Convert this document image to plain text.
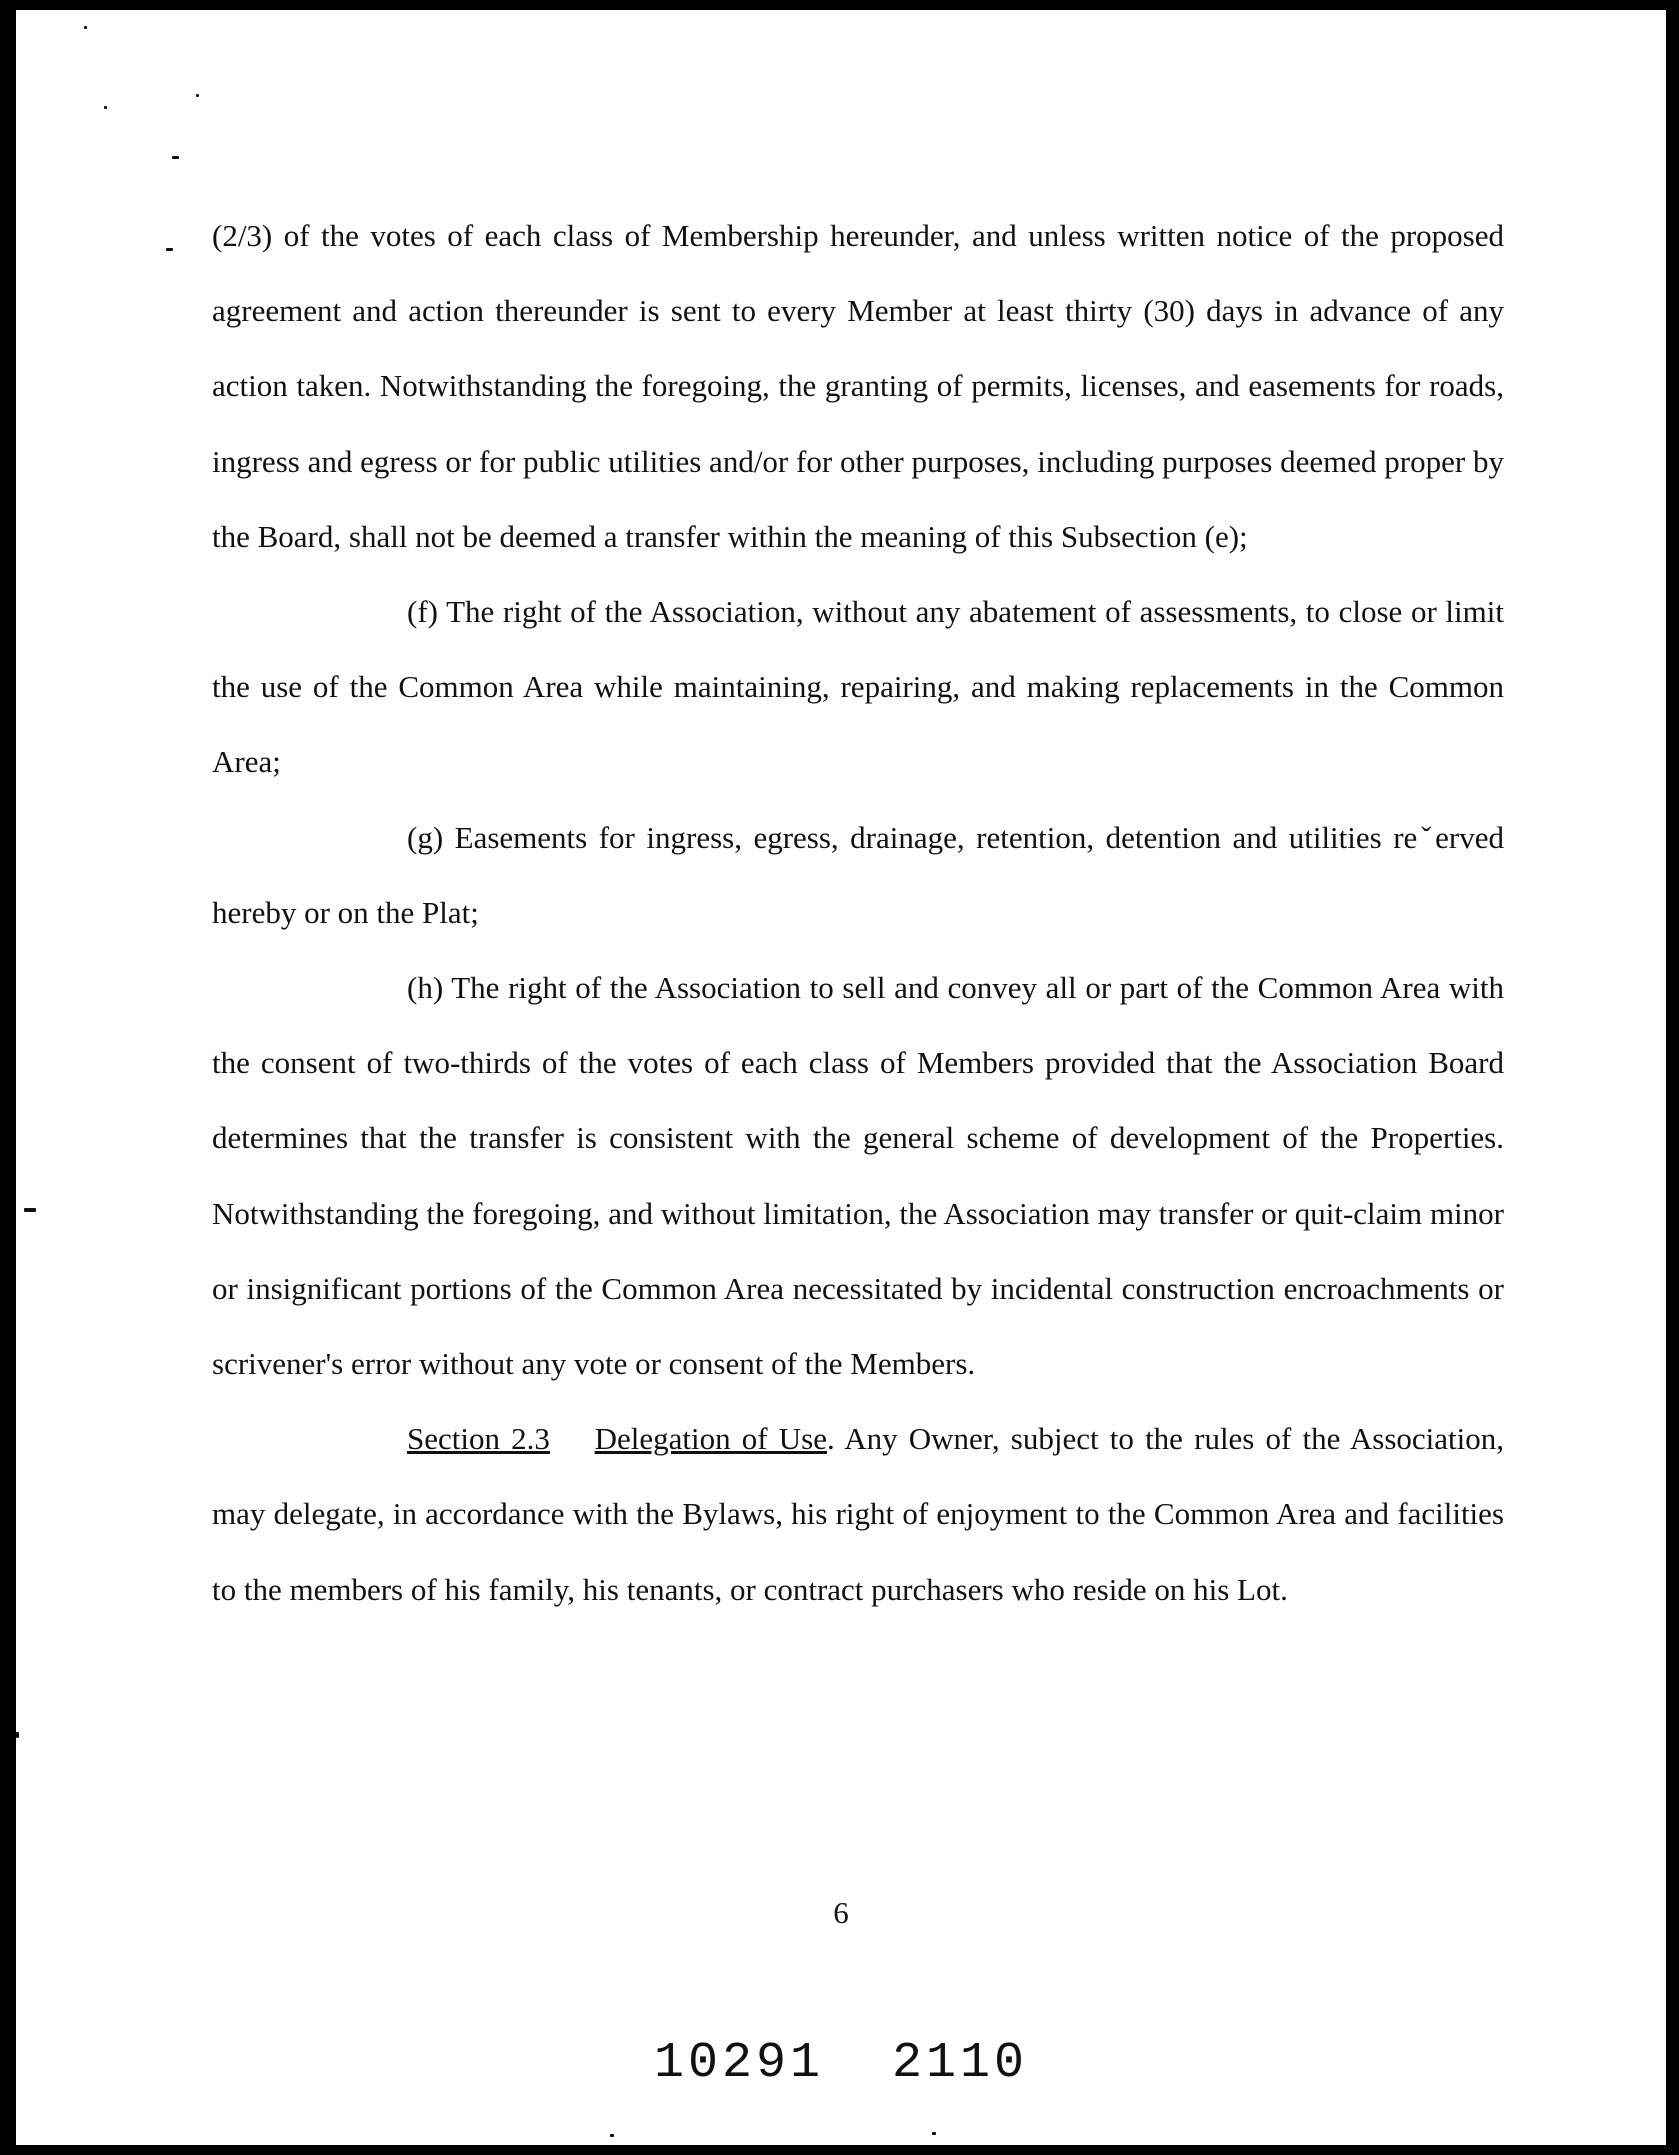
(2/3) of the votes of each class of Membership hereunder, and unless written notice of the proposed agreement and action thereunder is sent to every Member at least thirty (30) days in advance of any action taken. Notwithstanding the foregoing, the granting of permits, licenses, and easements for roads, ingress and egress or for public utilities and/or for other purposes, including purposes deemed proper by the Board, shall not be deemed a transfer within the meaning of this Subsection (e);

(f) The right of the Association, without any abatement of assessments, to close or limit the use of the Common Area while maintaining, repairing, and making replacements in the Common Area;

(g) Easements for ingress, egress, drainage, retention, detention and utilities reˇerved hereby or on the Plat;

(h) The right of the Association to sell and convey all or part of the Common Area with the consent of two-thirds of the votes of each class of Members provided that the Association Board determines that the transfer is consistent with the general scheme of development of the Properties. Notwithstanding the foregoing, and without limitation, the Association may transfer or quit-claim minor or insignificant portions of the Common Area necessitated by incidental construction encroachments or scrivener's error without any vote or consent of the Members.

Section 2.3 Delegation of Use. Any Owner, subject to the rules of the Association, may delegate, in accordance with the Bylaws, his right of enjoyment to the Common Area and facilities to the members of his family, his tenants, or contract purchasers who reside on his Lot.

6

10291  2110
